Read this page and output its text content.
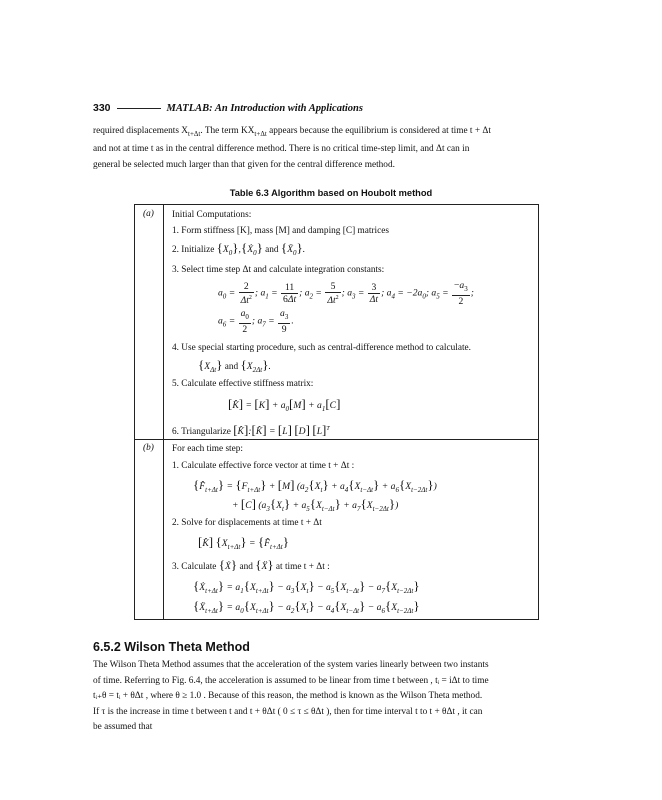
330	MATLAB: An Introduction with Applications
required displacements $X_{t+\Delta t}$. The term $KX_{t+\Delta t}$ appears because the equilibrium is considered at time t + Δt
and not at time t as in the central difference method. There is no critical time-step limit, and Δt can in
general be selected much larger than that given for the central difference method.
Table 6.3 Algorithm based on Houbolt method
(a) Initial Computations:
1. Form stiffness [K], mass [M] and damping [C] matrices
2. Initialize $\{X_0\},\{Ẋ_0\}$ and {Ẍ$_0$}.
3. Select time step Δt and calculate integration constants:
$a_0 = \frac{2}{\Delta t^2}$ ; $a_1 = \frac{11}{6\Delta t}$ ; $a_2 = \frac{5}{\Delta t^2}$ ; $a_3 = \frac{3}{\Delta t}$ ; $a_4 = -2a_0$; $a_5 = \frac{-a_3}{2}$ ;
$a_6 = \frac{a_0}{2}$ ; $a_7 = \frac{a_3}{9}$ .
4. Use special starting procedure, such as central-difference method to calculate.
$\{X_{\Delta t}\}$ and $\{X_{2\Delta t}\}$.
5. Calculate effective stiffness matrix:
[K̂] = $[K] + a_0[M] + a_1[C]$
6. Triangularize [K̂]:[K̂] = [L] [D] $[L]^T$
(b) For each time step:
1. Calculate effective force vector at time t + Δt :
$\{F̂_{t+\Delta t}\} = \{F_{t+\Delta t}\} + [M] (a_2\{X_t\} + a_4\{X_{t-\Delta t}\} + a_6\{X_{t-2\Delta t}\})$
+ [C] $(a_3\{X_t\} + a_5\{X_{t-\Delta t}\} + a_7\{X_{t-2\Delta t}\})$
2. Solve for displacements at time t + Δt
[K̂] $\{X_{t+\Delta t}\}$ = $\{F̂_{t+\Delta t}\}$
3. Calculate {Ẋ} and {Ẍ} at time t + Δt :
{Ẋ$_{t+\Delta t}$} = $a_1\{X_{t+\Delta t}\} - a_3\{X_t\} - a_5\{X_{t-\Delta t}\} - a_7\{X_{t-2\Delta t}\}$
{Ẍ$_{t+\Delta t}$} = $a_0\{X_{t+\Delta t}\} - a_2\{X_t\} - a_4\{X_{t-\Delta t}\} - a_6\{X_{t-2\Delta t}\}$
6.5.2 Wilson Theta Method
The Wilson Theta Method assumes that the acceleration of the system varies linearly between two instants
of time. Referring to Fig. 6.4, the acceleration is assumed to be linear from time t between , tᵢ = iΔt to time
tᵢ₊θ = tᵢ + θΔt , where θ ≥ 1.0 . Because of this reason, the method is known as the Wilson Theta method.
If τ is the increase in time t between t and t + θΔt ( 0 ≤ τ ≤ θΔt ), then for time interval t to t + θΔt , it can
be assumed that
